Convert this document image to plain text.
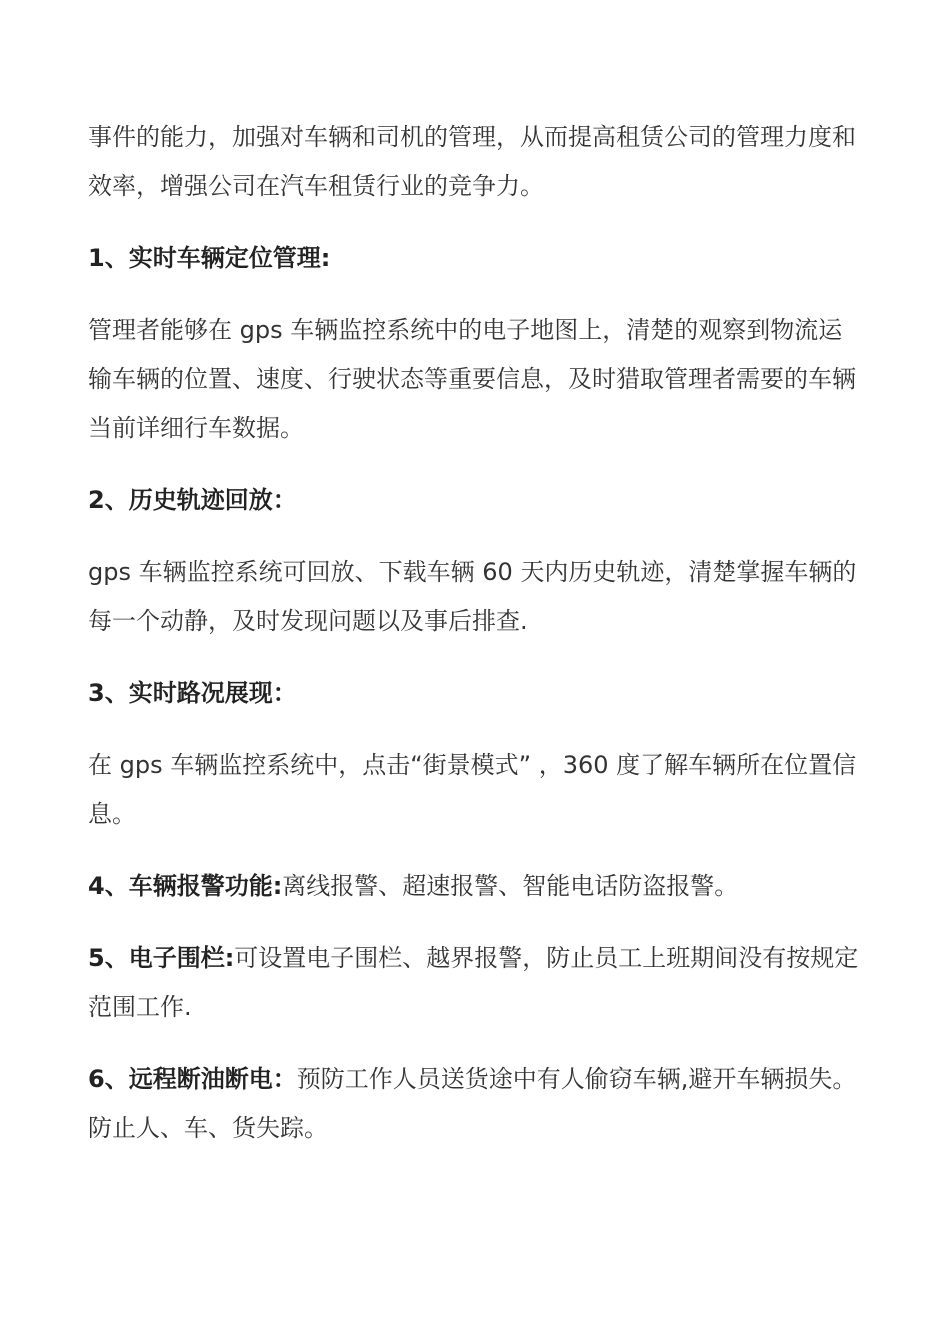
事件的能力，加强对车辆和司机的管理，从而提高租赁公司的管理力度和效率，增强公司在汽车租赁行业的竞争力。

1、实时车辆定位管理:

管理者能够在 gps 车辆监控系统中的电子地图上，清楚的观察到物流运输车辆的位置、速度、行驶状态等重要信息，及时猎取管理者需要的车辆当前详细行车数据。

2、历史轨迹回放：

gps 车辆监控系统可回放、下载车辆 60 天内历史轨迹，清楚掌握车辆的每一个动静，及时发现问题以及事后排查.

3、实时路况展现：

在 gps 车辆监控系统中，点击“街景模式” ，360 度了解车辆所在位置信息。

4、车辆报警功能:离线报警、超速报警、智能电话防盗报警。

5、电子围栏:可设置电子围栏、越界报警，防止员工上班期间没有按规定范围工作.

6、远程断油断电：预防工作人员送货途中有人偷窃车辆,避开车辆损失。防止人、车、货失踪。
